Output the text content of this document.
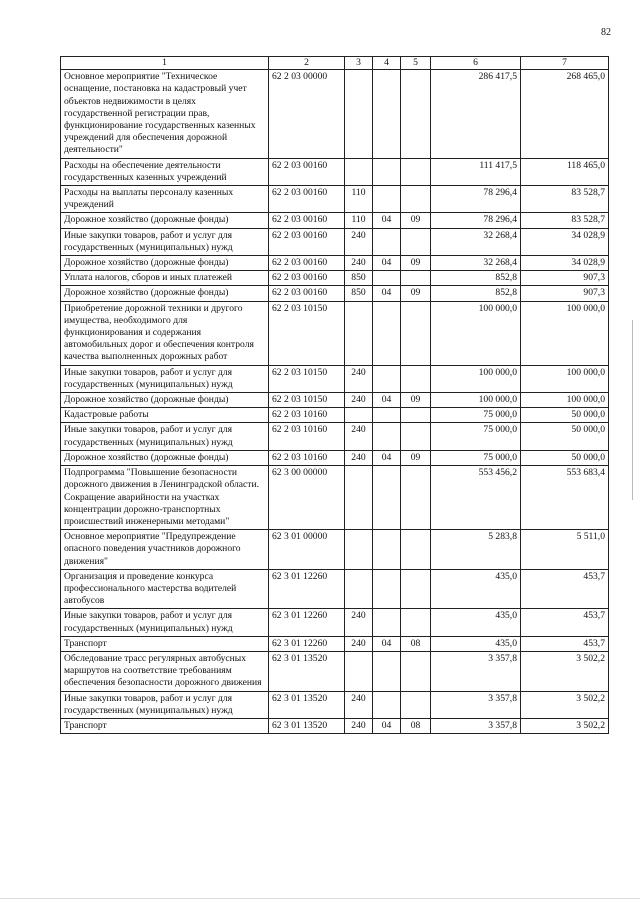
82
1	2	3	4	5	6	7
Основное мероприятие "Техническое оснащение, постановка на кадастровый учет объектов недвижимости в целях государственной регистрации прав, функционирование государственных казенных учреждений для обеспечения дорожной деятельности"	62 2 03 00000				286 417,5	268 465,0
Расходы на обеспечение деятельности государственных казенных учреждений	62 2 03 00160				111 417,5	118 465,0
Расходы на выплаты персоналу казенных учреждений	62 2 03 00160	110			78 296,4	83 528,7
Дорожное хозяйство (дорожные фонды)	62 2 03 00160	110	04	09	78 296,4	83 528,7
Иные закупки товаров, работ и услуг для государственных (муниципальных) нужд	62 2 03 00160	240			32 268,4	34 028,9
Дорожное хозяйство (дорожные фонды)	62 2 03 00160	240	04	09	32 268,4	34 028,9
Уплата налогов, сборов и иных платежей	62 2 03 00160	850			852,8	907,3
Дорожное хозяйство (дорожные фонды)	62 2 03 00160	850	04	09	852,8	907,3
Приобретение дорожной техники и другого имущества, необходимого для функционирования и содержания автомобильных дорог и обеспечения контроля качества выполненных дорожных работ	62 2 03 10150				100 000,0	100 000,0
Иные закупки товаров, работ и услуг для государственных (муниципальных) нужд	62 2 03 10150	240			100 000,0	100 000,0
Дорожное хозяйство (дорожные фонды)	62 2 03 10150	240	04	09	100 000,0	100 000,0
Кадастровые работы	62 2 03 10160				75 000,0	50 000,0
Иные закупки товаров, работ и услуг для государственных (муниципальных) нужд	62 2 03 10160	240			75 000,0	50 000,0
Дорожное хозяйство (дорожные фонды)	62 2 03 10160	240	04	09	75 000,0	50 000,0
Подпрограмма "Повышение безопасности дорожного движения в Ленинградской области. Сокращение аварийности на участках концентрации дорожно-транспортных происшествий инженерными методами"	62 3 00 00000				553 456,2	553 683,4
Основное мероприятие "Предупреждение опасного поведения участников дорожного движения"	62 3 01 00000				5 283,8	5 511,0
Организация и проведение конкурса профессионального мастерства водителей автобусов	62 3 01 12260				435,0	453,7
Иные закупки товаров, работ и услуг для государственных (муниципальных) нужд	62 3 01 12260	240			435,0	453,7
Транспорт	62 3 01 12260	240	04	08	435,0	453,7
Обследование трасс регулярных автобусных маршрутов на соответствие требованиям обеспечения безопасности дорожного движения	62 3 01 13520				3 357,8	3 502,2
Иные закупки товаров, работ и услуг для государственных (муниципальных) нужд	62 3 01 13520	240			3 357,8	3 502,2
Транспорт	62 3 01 13520	240	04	08	3 357,8	3 502,2
